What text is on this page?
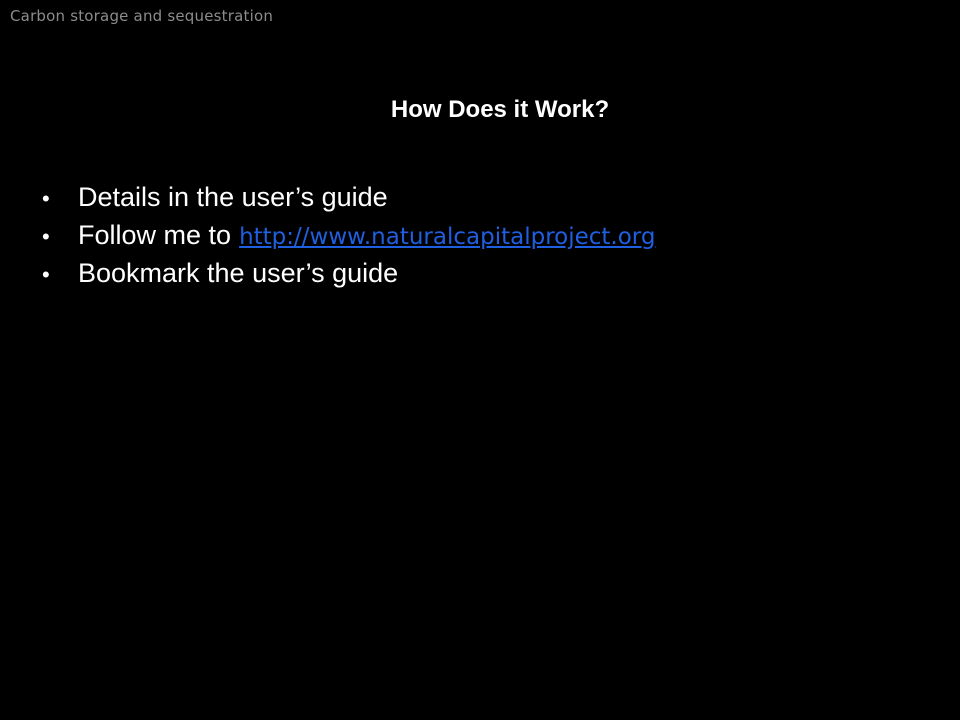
Carbon storage and sequestration
How Does it Work?
•	Details in the user’s guide
•	Follow me to http://www.naturalcapitalproject.org
•	Bookmark the user’s guide
